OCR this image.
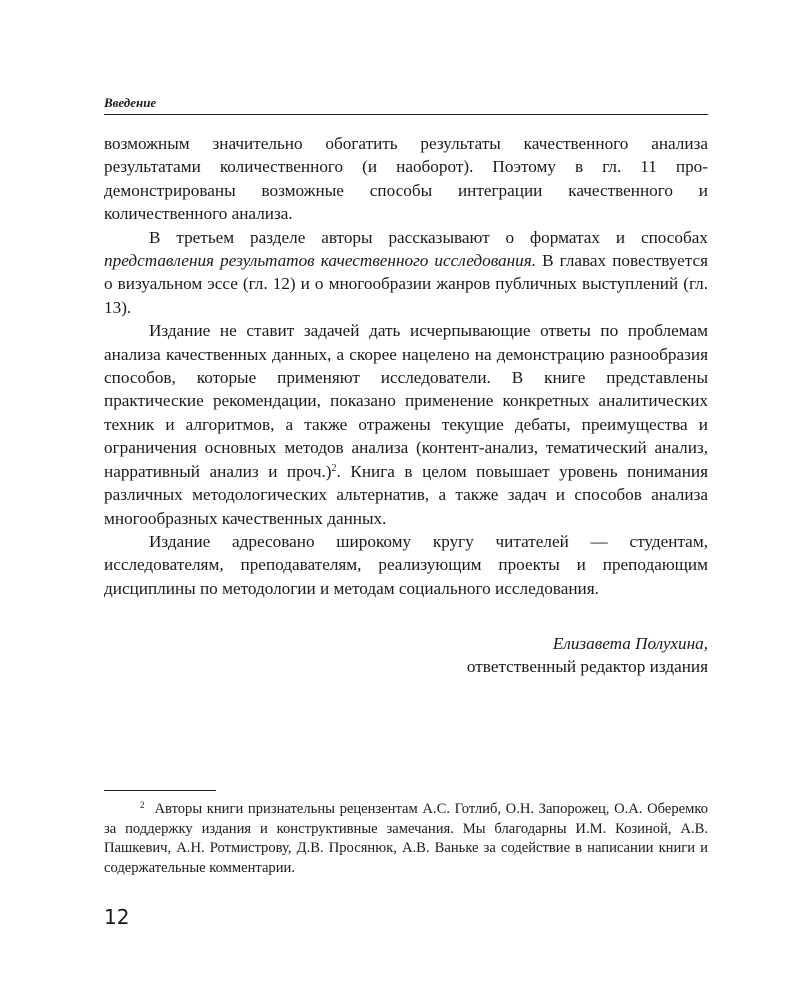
Введение

возможным значительно обогатить результаты качественного анализа результатами количественного (и наоборот). Поэтому в гл. 11 продемонстрированы возможные способы интеграции качественного и количественного анализа.

В третьем разделе авторы рассказывают о форматах и способах представления результатов качественного исследования. В главах повествуется о визуальном эссе (гл. 12) и о многообразии жанров публичных выступлений (гл. 13).

Издание не ставит задачей дать исчерпывающие ответы по проблемам анализа качественных данных, а скорее нацелено на демонстрацию разнообразия способов, которые применяют исследователи. В книге представлены практические рекомендации, показано применение конкретных аналитических техник и алгоритмов, а также отражены текущие дебаты, преимущества и ограничения основных методов анализа (контент-анализ, тематический анализ, нарративный анализ и проч.)$^2$. Книга в целом повышает уровень понимания различных методологических альтернатив, а также задач и способов анализа многообразных качественных данных.

Издание адресовано широкому кругу читателей — студентам, исследователям, преподавателям, реализующим проекты и преподающим дисциплины по методологии и методам социального исследования.

Елизавета Полухина,
ответственный редактор издания
$^2$ Авторы книги признательны рецензентам А.С. Готлиб, О.Н. Запорожец, О.А. Оберемко за поддержку издания и конструктивные замечания. Мы благодарны И.М. Козиной, А.В. Пашкевич, А.Н. Ротмистрову, Д.В. Просянюк, А.В. Ваньке за содействие в написании книги и содержательные комментарии.
12
